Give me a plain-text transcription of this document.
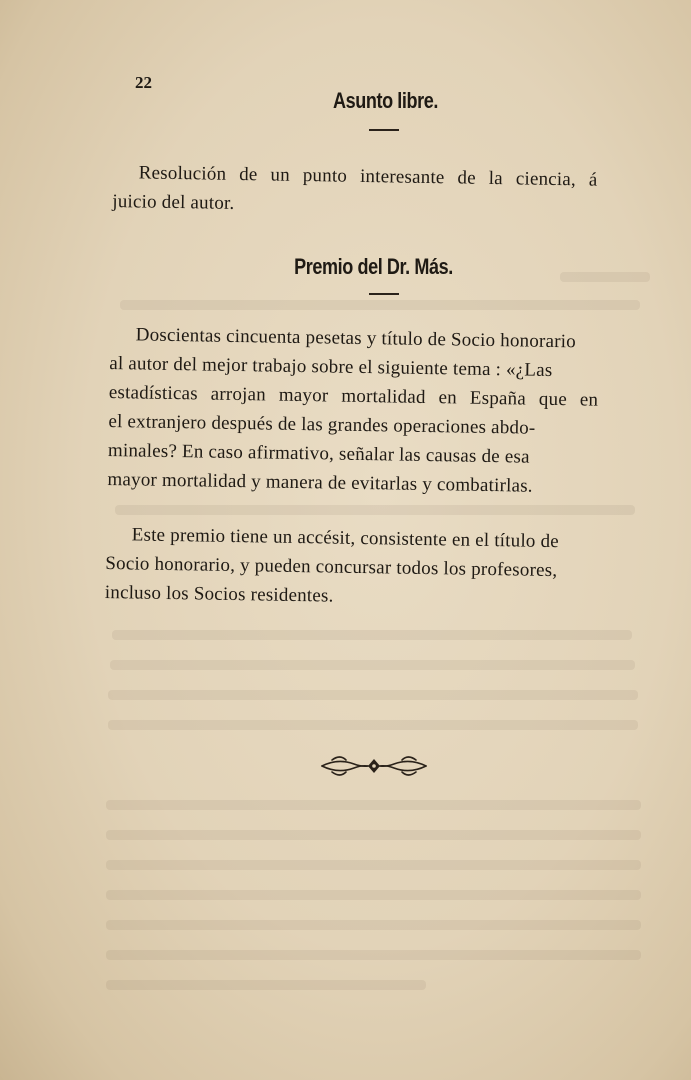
22
Asunto libre.
Resolución de un punto interesante de la ciencia, á
juicio del autor.
Premio del Dr. Más.
Doscientas cincuenta pesetas y título de Socio honorario
al autor del mejor trabajo sobre el siguiente tema : «¿Las
estadísticas arrojan mayor mortalidad en España que en
el extranjero después de las grandes operaciones abdo-
minales? En caso afirmativo, señalar las causas de esa
mayor mortalidad y manera de evitarlas y combatirlas.
Este premio tiene un accésit, consistente en el título de
Socio honorario, y pueden concursar todos los profesores,
incluso los Socios residentes.
